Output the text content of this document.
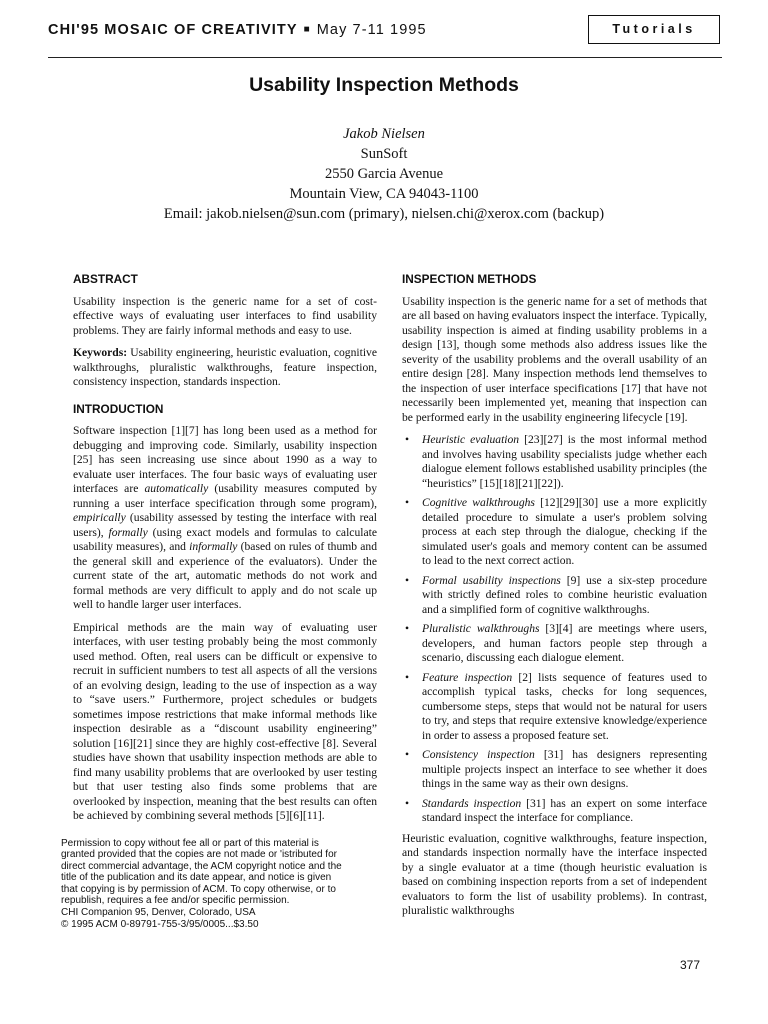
CHI'95 MOSAIC OF CREATIVITY ■ May 7-11 1995	Tutorials
Usability Inspection Methods
Jakob Nielsen
SunSoft
2550 Garcia Avenue
Mountain View, CA 94043-1100
Email: jakob.nielsen@sun.com (primary), nielsen.chi@xerox.com (backup)
ABSTRACT

Usability inspection is the generic name for a set of cost-effective ways of evaluating user interfaces to find usability problems. They are fairly informal methods and easy to use.

Keywords: Usability engineering, heuristic evaluation, cognitive walkthroughs, pluralistic walkthroughs, feature inspection, consistency inspection, standards inspection.

INTRODUCTION

Software inspection [1][7] has long been used as a method for debugging and improving code. Similarly, usability inspection [25] has seen increasing use since about 1990 as a way to evaluate user interfaces. The four basic ways of evaluating user interfaces are automatically (usability measures computed by running a user interface specification through some program), empirically (usability assessed by testing the interface with real users), formally (using exact models and formulas to calculate usability measures), and informally (based on rules of thumb and the general skill and experience of the evaluators). Under the current state of the art, automatic methods do not work and formal methods are very difficult to apply and do not scale up well to handle larger user interfaces.

Empirical methods are the main way of evaluating user interfaces, with user testing probably being the most commonly used method. Often, real users can be difficult or expensive to recruit in sufficient numbers to test all aspects of all the versions of an evolving design, leading to the use of inspection as a way to “save users.” Furthermore, project schedules or budgets sometimes impose restrictions that make informal methods like inspection desirable as a “discount usability engineering” solution [16][21] since they are highly cost-effective [8]. Several studies have shown that usability inspection methods are able to find many usability problems that are overlooked by user testing but that user testing also finds some problems that are overlooked by inspection, meaning that the best results can often be achieved by combining several methods [5][6][11].

Permission to copy without fee all or part of this material is
granted provided that the copies are not made or 'istributed for
direct commercial advantage, the ACM copyright notice and the
title of the publication and its date appear, and notice is given
that copying is by permission of ACM. To copy otherwise, or to
republish, requires a fee and/or specific permission.
CHI Companion 95, Denver, Colorado, USA
© 1995 ACM 0-89791-755-3/95/0005...$3.50
INSPECTION METHODS

Usability inspection is the generic name for a set of methods that are all based on having evaluators inspect the interface. Typically, usability inspection is aimed at finding usability problems in a design [13], though some methods also address issues like the severity of the usability problems and the overall usability of an entire design [28]. Many inspection methods lend themselves to the inspection of user interface specifications [17] that have not necessarily been implemented yet, meaning that inspection can be performed early in the usability engineering lifecycle [19].

• Heuristic evaluation [23][27] is the most informal method and involves having usability specialists judge whether each dialogue element follows established usability principles (the “heuristics” [15][18][21][22]).
• Cognitive walkthroughs [12][29][30] use a more explicitly detailed procedure to simulate a user's problem solving process at each step through the dialogue, checking if the simulated user's goals and memory content can be assumed to lead to the next correct action.
• Formal usability inspections [9] use a six-step procedure with strictly defined roles to combine heuristic evaluation and a simplified form of cognitive walkthroughs.
• Pluralistic walkthroughs [3][4] are meetings where users, developers, and human factors people step through a scenario, discussing each dialogue element.
• Feature inspection [2] lists sequence of features used to accomplish typical tasks, checks for long sequences, cumbersome steps, steps that would not be natural for users to try, and steps that require extensive knowledge/experience in order to assess a proposed feature set.
• Consistency inspection [31] has designers representing multiple projects inspect an interface to see whether it does things in the same way as their own designs.
• Standards inspection [31] has an expert on some interface standard inspect the interface for compliance.

Heuristic evaluation, cognitive walkthroughs, feature inspection, and standards inspection normally have the interface inspected by a single evaluator at a time (though heuristic evaluation is based on combining inspection reports from a set of independent evaluators to form the list of usability problems). In contrast, pluralistic walkthroughs

377
